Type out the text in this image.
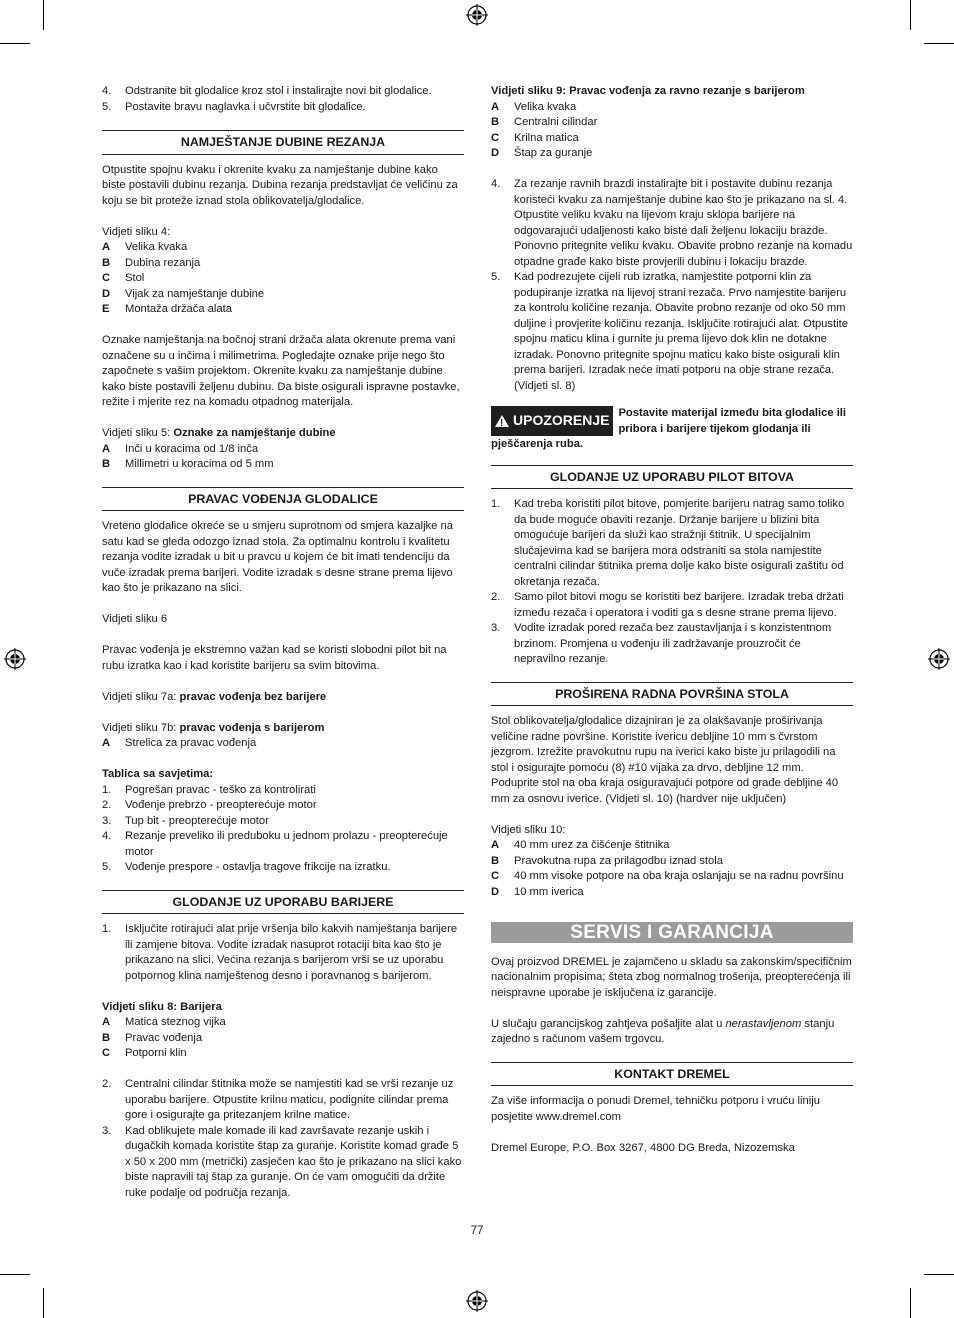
4.	Odstranite bit glodalice kroz stol i instalirajte novi bit glodalice.
5.	Postavite bravu naglavka i učvrstite bit glodalice.
NAMJEŠTANJE DUBINE REZANJA

Otpustite spojnu kvaku i okrenite kvaku za namještanje dubine kako biste postavili dubinu rezanja. Dubina rezanja predstavljat će veličinu za koju se bit proteže iznad stola oblikovatelja/glodalice.

Vidjeti sliku 4:

A	Velika kvaka
B	Dubina rezanja
C	Stol
D	Vijak za namještanje dubine
E	Montaža držača alata

Oznake namještanja na bočnoj strani držača alata okrenute prema vani označene su u inčima i milimetrima. Pogledajte oznake prije nego što započnete s vašim projektom. Okrenite kvaku za namještanje dubine kako biste postavili željenu dubinu. Da biste osigurali ispravne postavke, režite i mjerite rez na komadu otpadnog materijala.

Vidjeti sliku 5: Oznake za namještanje dubine

A	Inči u koracima od 1/8 inča
B	Millimetri u koracima od 5 mm
PRAVAC VOĐENJA GLODALICE

Vreteno glodalice okreće se u smjeru suprotnom od smjera kazaljke na satu kad se gleda odozgo iznad stola. Za optimalnu kontrolu i kvalitetu rezanja vodite izradak u bit u pravcu u kojem će bit imati tendenciju da vuče izradak prema barijeri. Vodite izradak s desne strane prema lijevo kao što je prikazano na slici.

Vidjeti sliku 6

Pravac vođenja je ekstremno važan kad se koristi slobodni pilot bit na rubu izratka kao i kad koristite barijeru sa svim bitovima.

Vidjeti sliku 7a: pravac vođenja bez barijere

Vidjeti sliku 7b: pravac vođenja s barijerom

A	Strelica za pravac vođenja

Tablica sa savjetima:

1.	Pogrešan pravac - teško za kontrolirati
2.	Vođenje prebrzo - preopterećuje motor
3.	Tup bit - preopterećuje motor
4.	Rezanje preveliko ili preduboku u jednom prolazu - preopterećuje motor
5.	Vođenje prespore - ostavlja tragove frikcije na izratku.
GLODANJE UZ UPORABU BARIJERE
1.	Isključite rotirajući alat prije vršenja bilo kakvih namještanja barijere ili zamjene bitova. Vodite izradak nasuprot rotaciji bita kao što je prikazano na slici. Većina rezanja s barijerom vrši se uz uporabu potpornog klina namještenog desno i poravnanog s barijerom.

Vidjeti sliku 8: Barijera

A	Matica steznog vijka
B	Pravac vođenja
C	Potporni klin
2.	Centralni cilindar štitnika može se namjestiti kad se vrši rezanje uz uporabu barijere. Otpustite krilnu maticu, podignite cilindar prema gore i osigurajte ga pritezanjem krilne matice.
3.	Kad oblikujete male komade ili kad završavate rezanje uskih i dugačkih komada koristite štap za guranje. Koristite komad građe 5 x 50 x 200 mm (metrički) zasječen kao što je prikazano na slici kako biste napravili taj štap za guranje. On će vam omogućiti da držite ruke podalje od područja rezanja.

Vidjeti sliku 9: Pravac vođenja za ravno rezanje s barijerom

A	Velika kvaka
B	Centralni cilindar
C	Krilna matica
D	Štap za guranje
4.	Za rezanje ravnih brazdi instalirajte bit i postavite dubinu rezanja koristeći kvaku za namještanje dubine kao što je prikazano na sl. 4. Otpustite veliku kvaku na lijevom kraju sklopa barijere na odgovarajući udaljenosti kako biste dali željenu lokaciju brazde. Ponovno pritegnite veliku kvaku. Obavite probno rezanje na komadu otpadne građe kako biste provjerili dubinu i lokaciju brazde.
5.	Kad podrezujete cijeli rub izratka, namjestite potporni klin za podupiranje izratka na lijevoj strani rezača. Prvo namjestite barijeru za kontrolu količine rezanja. Obavite probno rezanje od oko 50 mm duljine i provjerite količinu rezanja. Isključite rotirajući alat. Otpustite spojnu maticu klina i gurnite ju prema lijevo dok klin ne dotakne izradak. Ponovno pritegnite spojnu maticu kako biste osigurali klin prema barijeri. Izradak neće imati potporu na obje strane rezača. (Vidjeti sl. 8)
!
UPOZORENJE Postavite materijal između bita glodalice ili pribora i barijere tijekom glodanja ili pješčarenja ruba.
GLODANJE UZ UPORABU PILOT BITOVA
1.	Kad treba koristiti pilot bitove, pomjerite barijeru natrag samo toliko da bude moguće obaviti rezanje. Držanje barijere u blizini bita omogućuje barijeri da služi kao stražnji štitnik. U specijalnim slučajevima kad se barijera mora odstraniti sa stola namjestite centralni cilindar štitnika prema dolje kako biste osigurali zaštitu od okretanja rezača.
2.	Samo pilot bitovi mogu se koristiti bez barijere. Izradak treba držati između rezača i operatora i voditi ga s desne strane prema lijevo.
3.	Vodite izradak pored rezača bez zaustavljanja i s konzistentnom brzinom. Promjena u vođenju ili zadržavanje prouzročit će nepravilno rezanje.
PROŠIRENA RADNA POVRŠINA STOLA

Stol oblikovatelja/glodalice dizajniran je za olakšavanje proširivanja veličine radne površine. Koristite ivericu debljine 10 mm s čvrstom jezgrom. Izrežite pravokutnu rupu na iverici kako biste ju prilagodili na stol i osigurajte pomoću (8) #10 vijaka za drvo, debljine 12 mm. Poduprite stol na oba kraja osiguravajući potpore od građe debljine 40 mm za osnovu iverice. (Vidjeti sl. 10) (hardver nije uključen)

Vidjeti sliku 10:

A	40 mm urez za čišćenje štitnika
B	Pravokutna rupa za prilagodbu iznad stola
C	40 mm visoke potpore na oba kraja oslanjaju se na radnu površinu
D	10 mm iverica
SERVIS I GARANCIJA

Ovaj proizvod DREMEL je zajamčeno u skladu sa zakonskim/specifičnim nacionalnim propisima; šteta zbog normalnog trošenja, preopterećenja ili neispravne uporabe je isključena iz garancije.

U slučaju garancijskog zahtjeva pošaljite alat u nerastavljenom stanju zajedno s računom vašem trgovcu.

KONTAKT DREMEL

Za više informacija o ponudi Dremel, tehničku potporu i vruću liniju posjetite www.dremel.com

Dremel Europe, P.O. Box 3267, 4800 DG Breda, Nizozemska

77
